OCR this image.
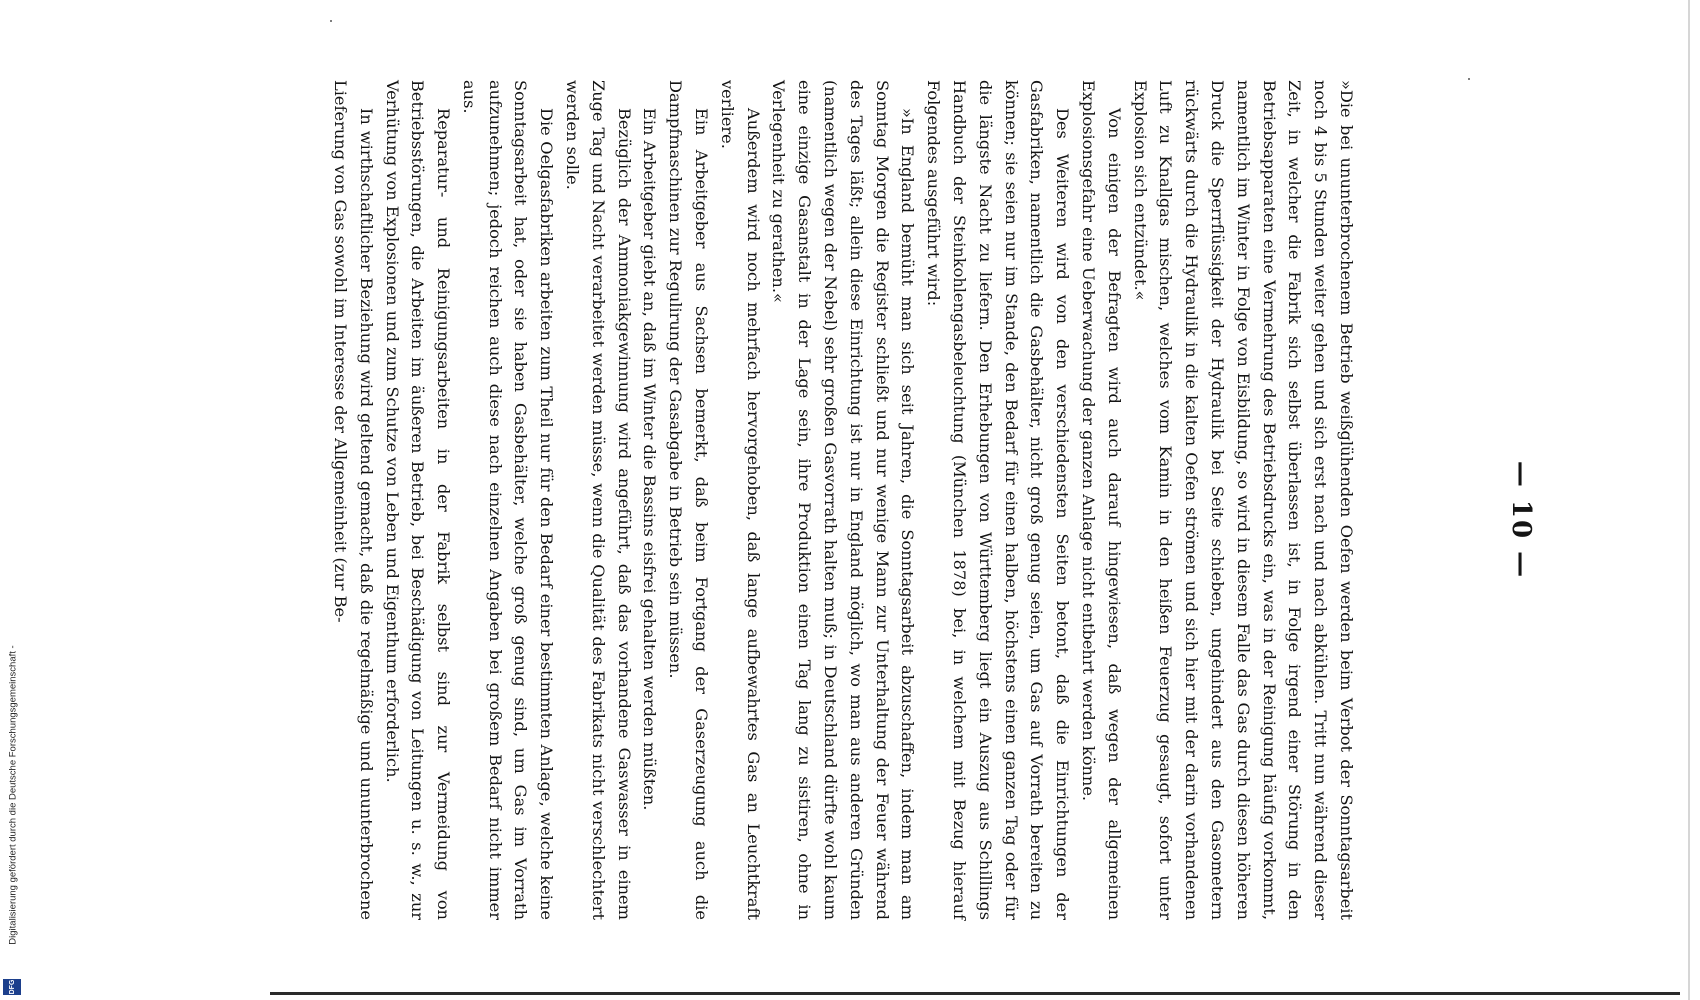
— 10 —

»Die bei ununterbrochenem Betrieb weißglühenden Oefen werden beim Verbot der Sonntagsarbeit noch 4 bis 5 Stunden weiter gehen und sich erst nach und nach abkühlen. Tritt nun während dieser Zeit, in welcher die Fabrik sich selbst überlassen ist, in Folge irgend einer Störung in den Betriebsapparaten eine Vermehrung des Betriebsdrucks ein, was in der Reinigung häufig vorkommt, namentlich im Winter in Folge von Eisbildung, so wird in diesem Falle das Gas durch diesen höheren Druck die Sperrflüssigkeit der Hydraulik bei Seite schieben, ungehindert aus den Gasometern rückwärts durch die Hydraulik in die kalten Oefen strömen und sich hier mit der darin vorhandenen Luft zu Knallgas mischen, welches vom Kamin in den heißen Feuerzug gesaugt, sofort unter Explosion sich entzündet.«

Von einigen der Befragten wird auch darauf hingewiesen, daß wegen der allgemeinen Explosionsgefahr eine Ueberwachung der ganzen Anlage nicht entbehrt werden könne.

Des Weiteren wird von den verschiedensten Seiten betont, daß die Einrichtungen der Gasfabriken, namentlich die Gasbehälter, nicht groß genug seien, um Gas auf Vorrath bereiten zu können; sie seien nur im Stande, den Bedarf für einen halben, höchstens einen ganzen Tag oder für die längste Nacht zu liefern. Den Erhebungen von Württemberg liegt ein Auszug aus Schillings Handbuch der Steinkohlengasbeleuchtung (München 1878) bei, in welchem mit Bezug hierauf Folgendes ausgeführt wird:

»In England bemüht man sich seit Jahren, die Sonntagsarbeit abzuschaffen, indem man am Sonntag Morgen die Register schließt und nur wenige Mann zur Unterhaltung der Feuer während des Tages läßt; allein diese Einrichtung ist nur in England möglich, wo man aus anderen Gründen (namentlich wegen der Nebel) sehr großen Gasvorrath halten muß; in Deutschland dürfte wohl kaum eine einzige Gasanstalt in der Lage sein, ihre Produktion einen Tag lang zu sistiren, ohne in Verlegenheit zu gerathen.«

Außerdem wird noch mehrfach hervorgehoben, daß lange aufbewahrtes Gas an Leuchtkraft verliere.

Ein Arbeitgeber aus Sachsen bemerkt, daß beim Fortgang der Gaserzeugung auch die Dampfmaschinen zur Regulirung der Gasabgabe in Betrieb sein müssen.

Ein Arbeitgeber giebt an, daß im Winter die Bassins eisfrei gehalten werden müßten.

Bezüglich der Ammoniakgewinnung wird angeführt, daß das vorhandene Gaswasser in einem Zuge Tag und Nacht verarbeitet werden müsse, wenn die Qualität des Fabrikats nicht verschlechtert werden solle.

Die Oelgasfabriken arbeiten zum Theil nur für den Bedarf einer bestimmten Anlage, welche keine Sonntagsarbeit hat, oder sie haben Gasbehälter, welche groß genug sind, um Gas im Vorrath aufzunehmen; jedoch reichen auch diese nach einzelnen Angaben bei großem Bedarf nicht immer aus.

Reparatur- und Reinigungsarbeiten in der Fabrik selbst sind zur Vermeidung von Betriebsstörungen, die Arbeiten im äußeren Betrieb, bei Beschädigung von Leitungen u. s. w., zur Verhütung von Explosionen und zum Schutze von Leben und Eigenthum erforderlich.

In wirthschaftlicher Beziehung wird geltend gemacht, daß die regelmäßige und ununterbrochene Lieferung von Gas sowohl im Interesse der Allgemeinheit (zur Be-

Digitalisierung gefördert durch die Deutsche Forschungsgemeinschaft -
DFG
